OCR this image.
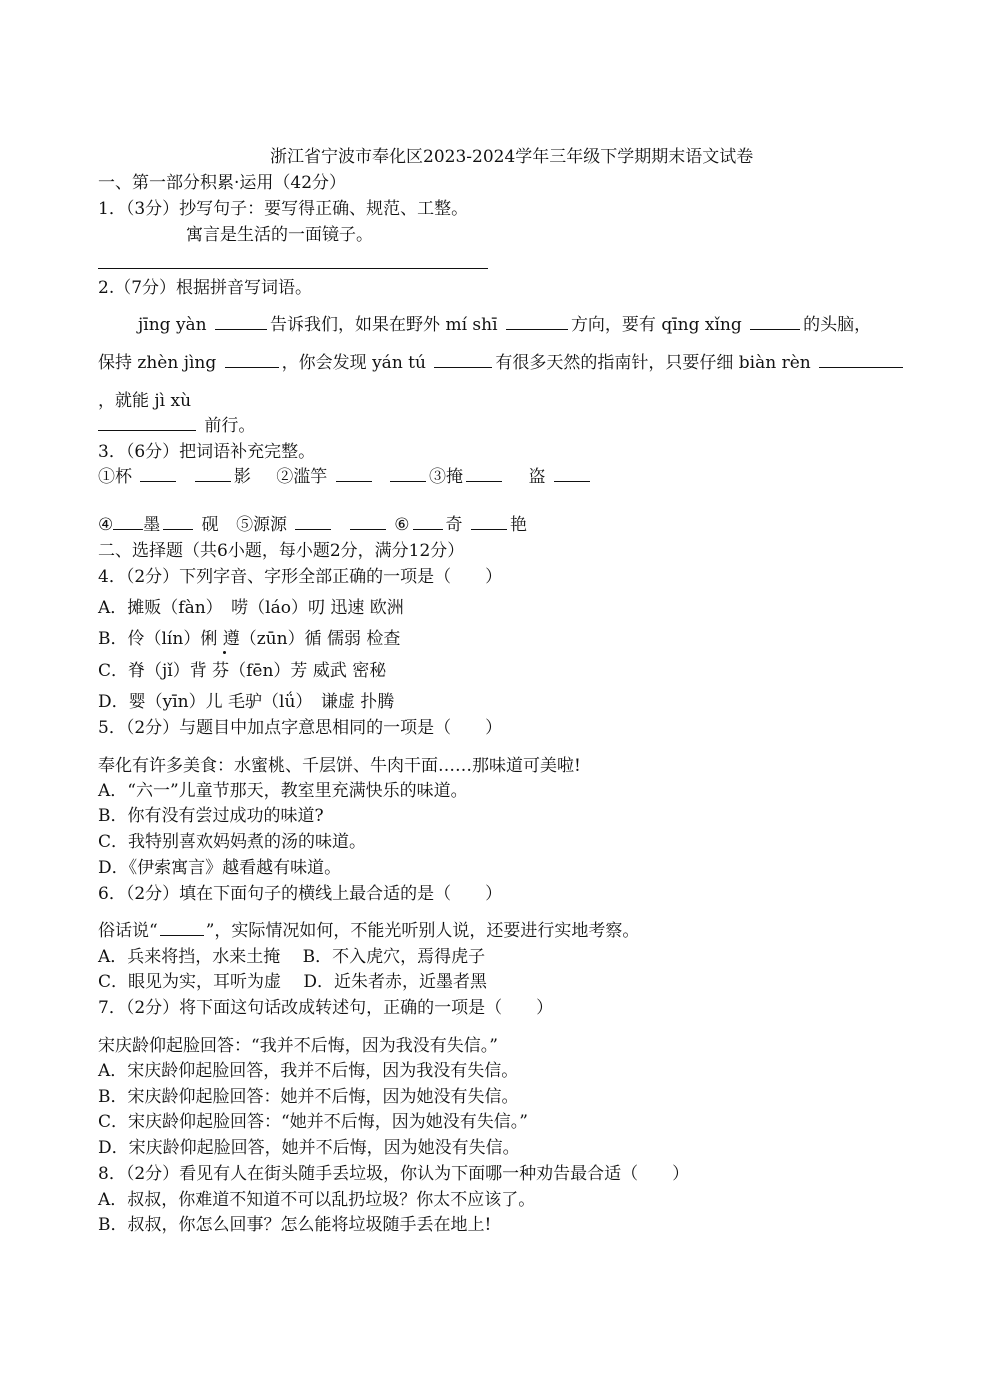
浙江省宁波市奉化区2023-2024学年三年级下学期期末语文试卷
一、第一部分积累·运用（42分）
1．（3分）抄写句子：要写得正确、规范、工整。
寓言是生活的一面镜子。
2.（7分）根据拼音写词语。
jīng yàn	告诉我们，如果在野外 mí shī	方向，要有 qīng xǐng	的头脑，
保持 zhèn jìng	，你会发现 yán tú	有很多天然的指南针，只要仔细 biàn rèn
，就能 jì xù
前行。
3．（6分）把词语补充完整。
①杯	影 ②滥竽	③掩	盗
④ 墨 砚 ⑤源源	⑥ 奇	艳
二、选择题（共6小题，每小题2分，满分12分）
4．（2分）下列字音、字形全部正确的一项是（　　）
A．摊贩（fàn）　唠（láo）叨 迅速 欧洲
B．伶（lín）俐 遵（zūn）循 儒弱 检查
C．脊（jǐ）背 芬（fēn）芳 威武 密秘
D．婴（yīn）儿 毛驴（lǘ）　谦虚 扑腾
5．（2分）与题目中加点字意思相同的一项是（　　）
奉化有许多美食：水蜜桃、千层饼、牛肉干面……那味道可美啦!
A．“六一”儿童节那天，教室里充满快乐的味道。
B．你有没有尝过成功的味道?
C．我特别喜欢妈妈煮的汤的味道。
D．《伊索寓言》越看越有味道。
6．（2分）填在下面句子的横线上最合适的是（　　）
俗话说“	”，实际情况如何，不能光听别人说，还要进行实地考察。
A．兵来将挡，水来土掩　 B．不入虎穴，焉得虎子
C．眼见为实，耳听为虚　 D．近朱者赤，近墨者黑
7．（2分）将下面这句话改成转述句，正确的一项是（　　）
宋庆龄仰起脸回答：“我并不后悔，因为我没有失信。”
A．宋庆龄仰起脸回答，我并不后悔，因为我没有失信。
B．宋庆龄仰起脸回答：她并不后悔，因为她没有失信。
C．宋庆龄仰起脸回答：“她并不后悔，因为她没有失信。”
D．宋庆龄仰起脸回答，她并不后悔，因为她没有失信。
8．（2分）看见有人在街头随手丢垃圾，你认为下面哪一种劝告最合适（　　）
A．叔叔，你难道不知道不可以乱扔垃圾？你太不应该了。
B．叔叔，你怎么回事？怎么能将垃圾随手丢在地上!
